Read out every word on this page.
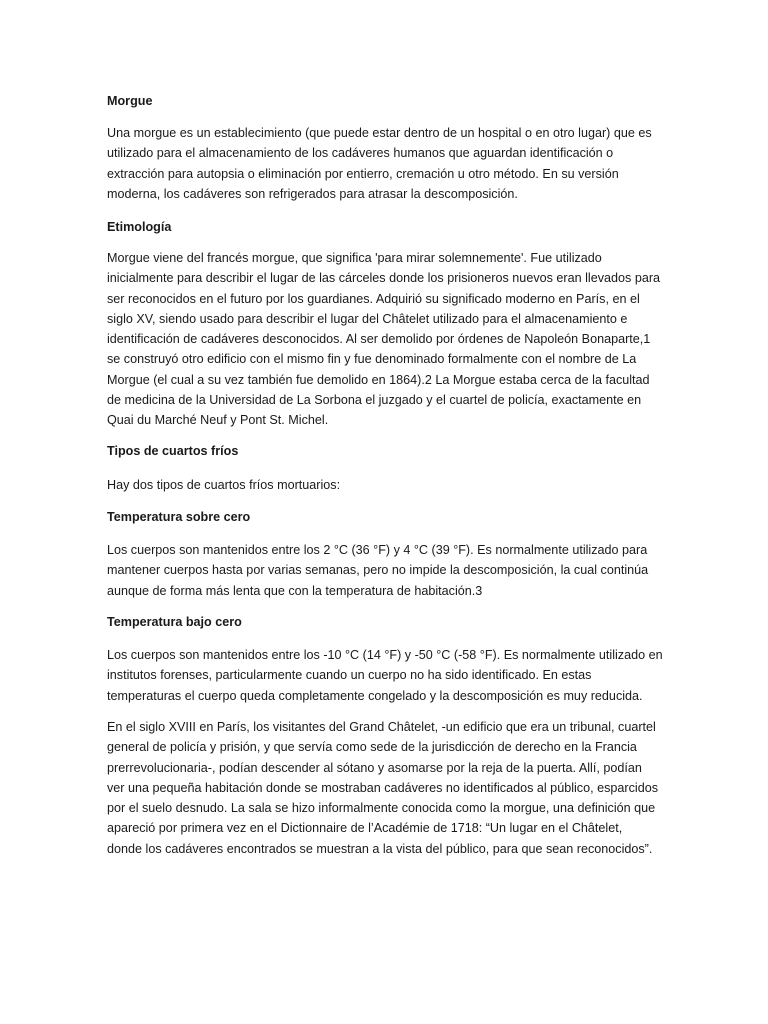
Morgue
Una morgue es un establecimiento (que puede estar dentro de un hospital o en otro lugar) que es
utilizado para el almacenamiento de los cadáveres humanos que aguardan identificación o
extracción para autopsia o eliminación por entierro, cremación u otro método. En su versión
moderna, los cadáveres son refrigerados para atrasar la descomposición.
Etimología
Morgue viene del francés morgue, que significa 'para mirar solemnemente'. Fue utilizado
inicialmente para describir el lugar de las cárceles donde los prisioneros nuevos eran llevados para
ser reconocidos en el futuro por los guardianes. Adquirió su significado moderno en París, en el
siglo XV, siendo usado para describir el lugar del Châtelet utilizado para el almacenamiento e
identificación de cadáveres desconocidos. Al ser demolido por órdenes de Napoleón Bonaparte,1
se construyó otro edificio con el mismo fin y fue denominado formalmente con el nombre de La
Morgue (el cual a su vez también fue demolido en 1864).2 La Morgue estaba cerca de la facultad
de medicina de la Universidad de La Sorbona el juzgado y el cuartel de policía, exactamente en
Quai du Marché Neuf y Pont St. Michel.
Tipos de cuartos fríos
Hay dos tipos de cuartos fríos mortuarios:
Temperatura sobre cero
Los cuerpos son mantenidos entre los 2 °C (36 °F) y 4 °C (39 °F). Es normalmente utilizado para
mantener cuerpos hasta por varias semanas, pero no impide la descomposición, la cual continúa
aunque de forma más lenta que con la temperatura de habitación.3
Temperatura bajo cero
Los cuerpos son mantenidos entre los -10 °C (14 °F) y -50 °C (-58 °F). Es normalmente utilizado en
institutos forenses, particularmente cuando un cuerpo no ha sido identificado. En estas
temperaturas el cuerpo queda completamente congelado y la descomposición es muy reducida.
En el siglo XVIII en París, los visitantes del Grand Châtelet, -un edificio que era un tribunal, cuartel
general de policía y prisión, y que servía como sede de la jurisdicción de derecho en la Francia
prerrevolucionaria-, podían descender al sótano y asomarse por la reja de la puerta. Allí, podían
ver una pequeña habitación donde se mostraban cadáveres no identificados al público, esparcidos
por el suelo desnudo. La sala se hizo informalmente conocida como la morgue, una definición que
apareció por primera vez en el Dictionnaire de l’Académie de 1718: “Un lugar en el Châtelet,
donde los cadáveres encontrados se muestran a la vista del público, para que sean reconocidos”.
